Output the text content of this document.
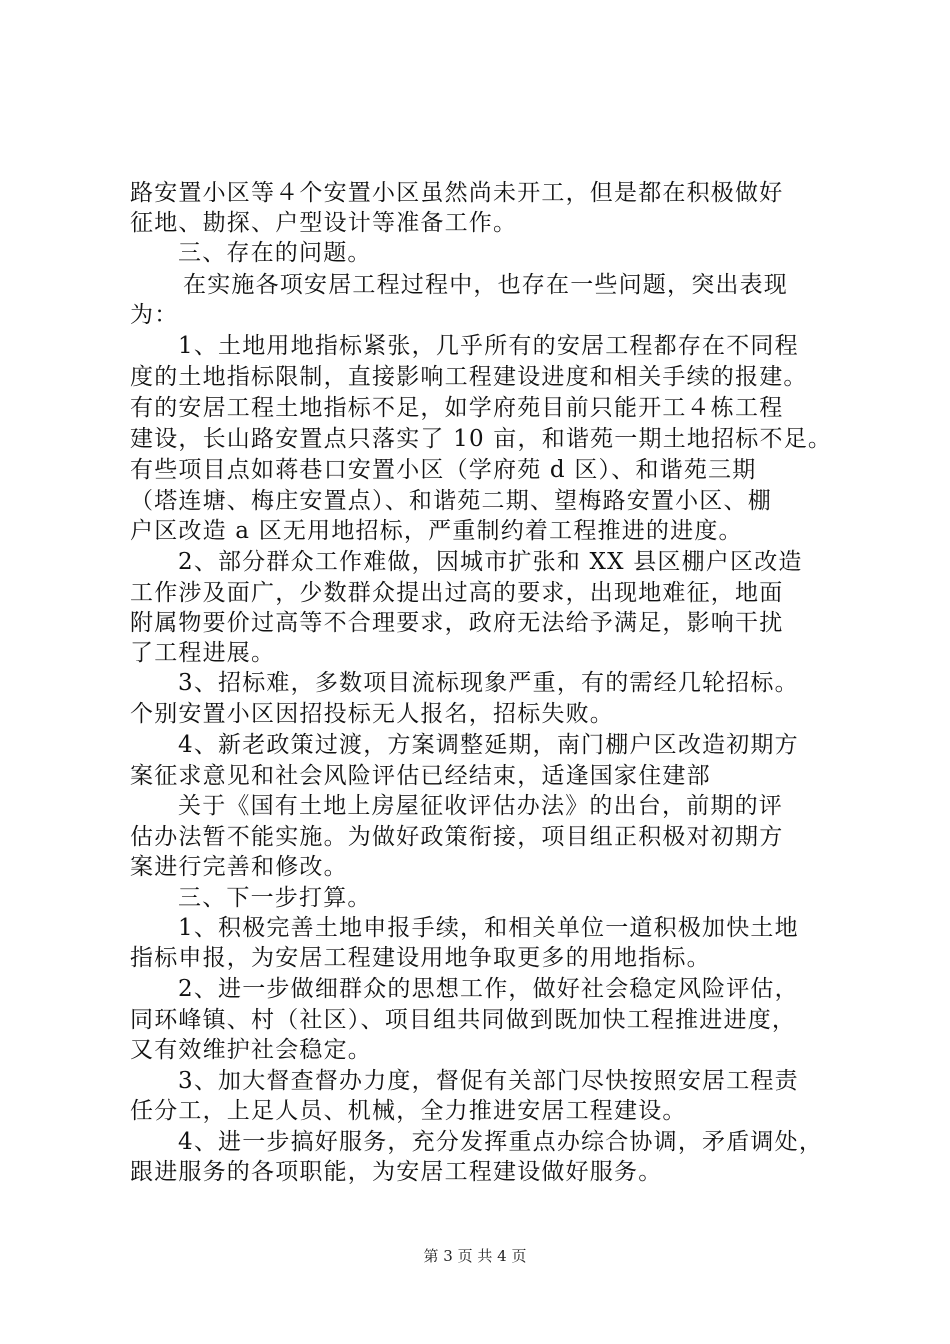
路安置小区等４个安置小区虽然尚未开工，但是都在积极做好
征地、勘探、户型设计等准备工作。
三、存在的问题。
在实施各项安居工程过程中，也存在一些问题，突出表现
为：
1、土地用地指标紧张，几乎所有的安居工程都存在不同程
度的土地指标限制，直接影响工程建设进度和相关手续的报建。
有的安居工程土地指标不足，如学府苑目前只能开工４栋工程
建设，长山路安置点只落实了 10 亩，和谐苑一期土地招标不足。
有些项目点如蒋巷口安置小区（学府苑 d 区）、和谐苑三期
（塔连塘、梅庄安置点）、和谐苑二期、望梅路安置小区、棚
户区改造 a 区无用地招标，严重制约着工程推进的进度。
2、部分群众工作难做，因城市扩张和 XX 县区棚户区改造
工作涉及面广，少数群众提出过高的要求，出现地难征，地面
附属物要价过高等不合理要求，政府无法给予满足，影响干扰
了工程进展。
3、招标难，多数项目流标现象严重，有的需经几轮招标。
个别安置小区因招投标无人报名，招标失败。
4、新老政策过渡，方案调整延期，南门棚户区改造初期方
案征求意见和社会风险评估已经结束，适逢国家住建部
关于《国有土地上房屋征收评估办法》的出台，前期的评
估办法暂不能实施。为做好政策衔接，项目组正积极对初期方
案进行完善和修改。
三、下一步打算。
1、积极完善土地申报手续，和相关单位一道积极加快土地
指标申报，为安居工程建设用地争取更多的用地指标。
2、进一步做细群众的思想工作，做好社会稳定风险评估，
同环峰镇、村（社区）、项目组共同做到既加快工程推进进度，
又有效维护社会稳定。
3、加大督查督办力度，督促有关部门尽快按照安居工程责
任分工，上足人员、机械，全力推进安居工程建设。
4、进一步搞好服务，充分发挥重点办综合协调，矛盾调处，
跟进服务的各项职能，为安居工程建设做好服务。
第 3 页 共 4 页
